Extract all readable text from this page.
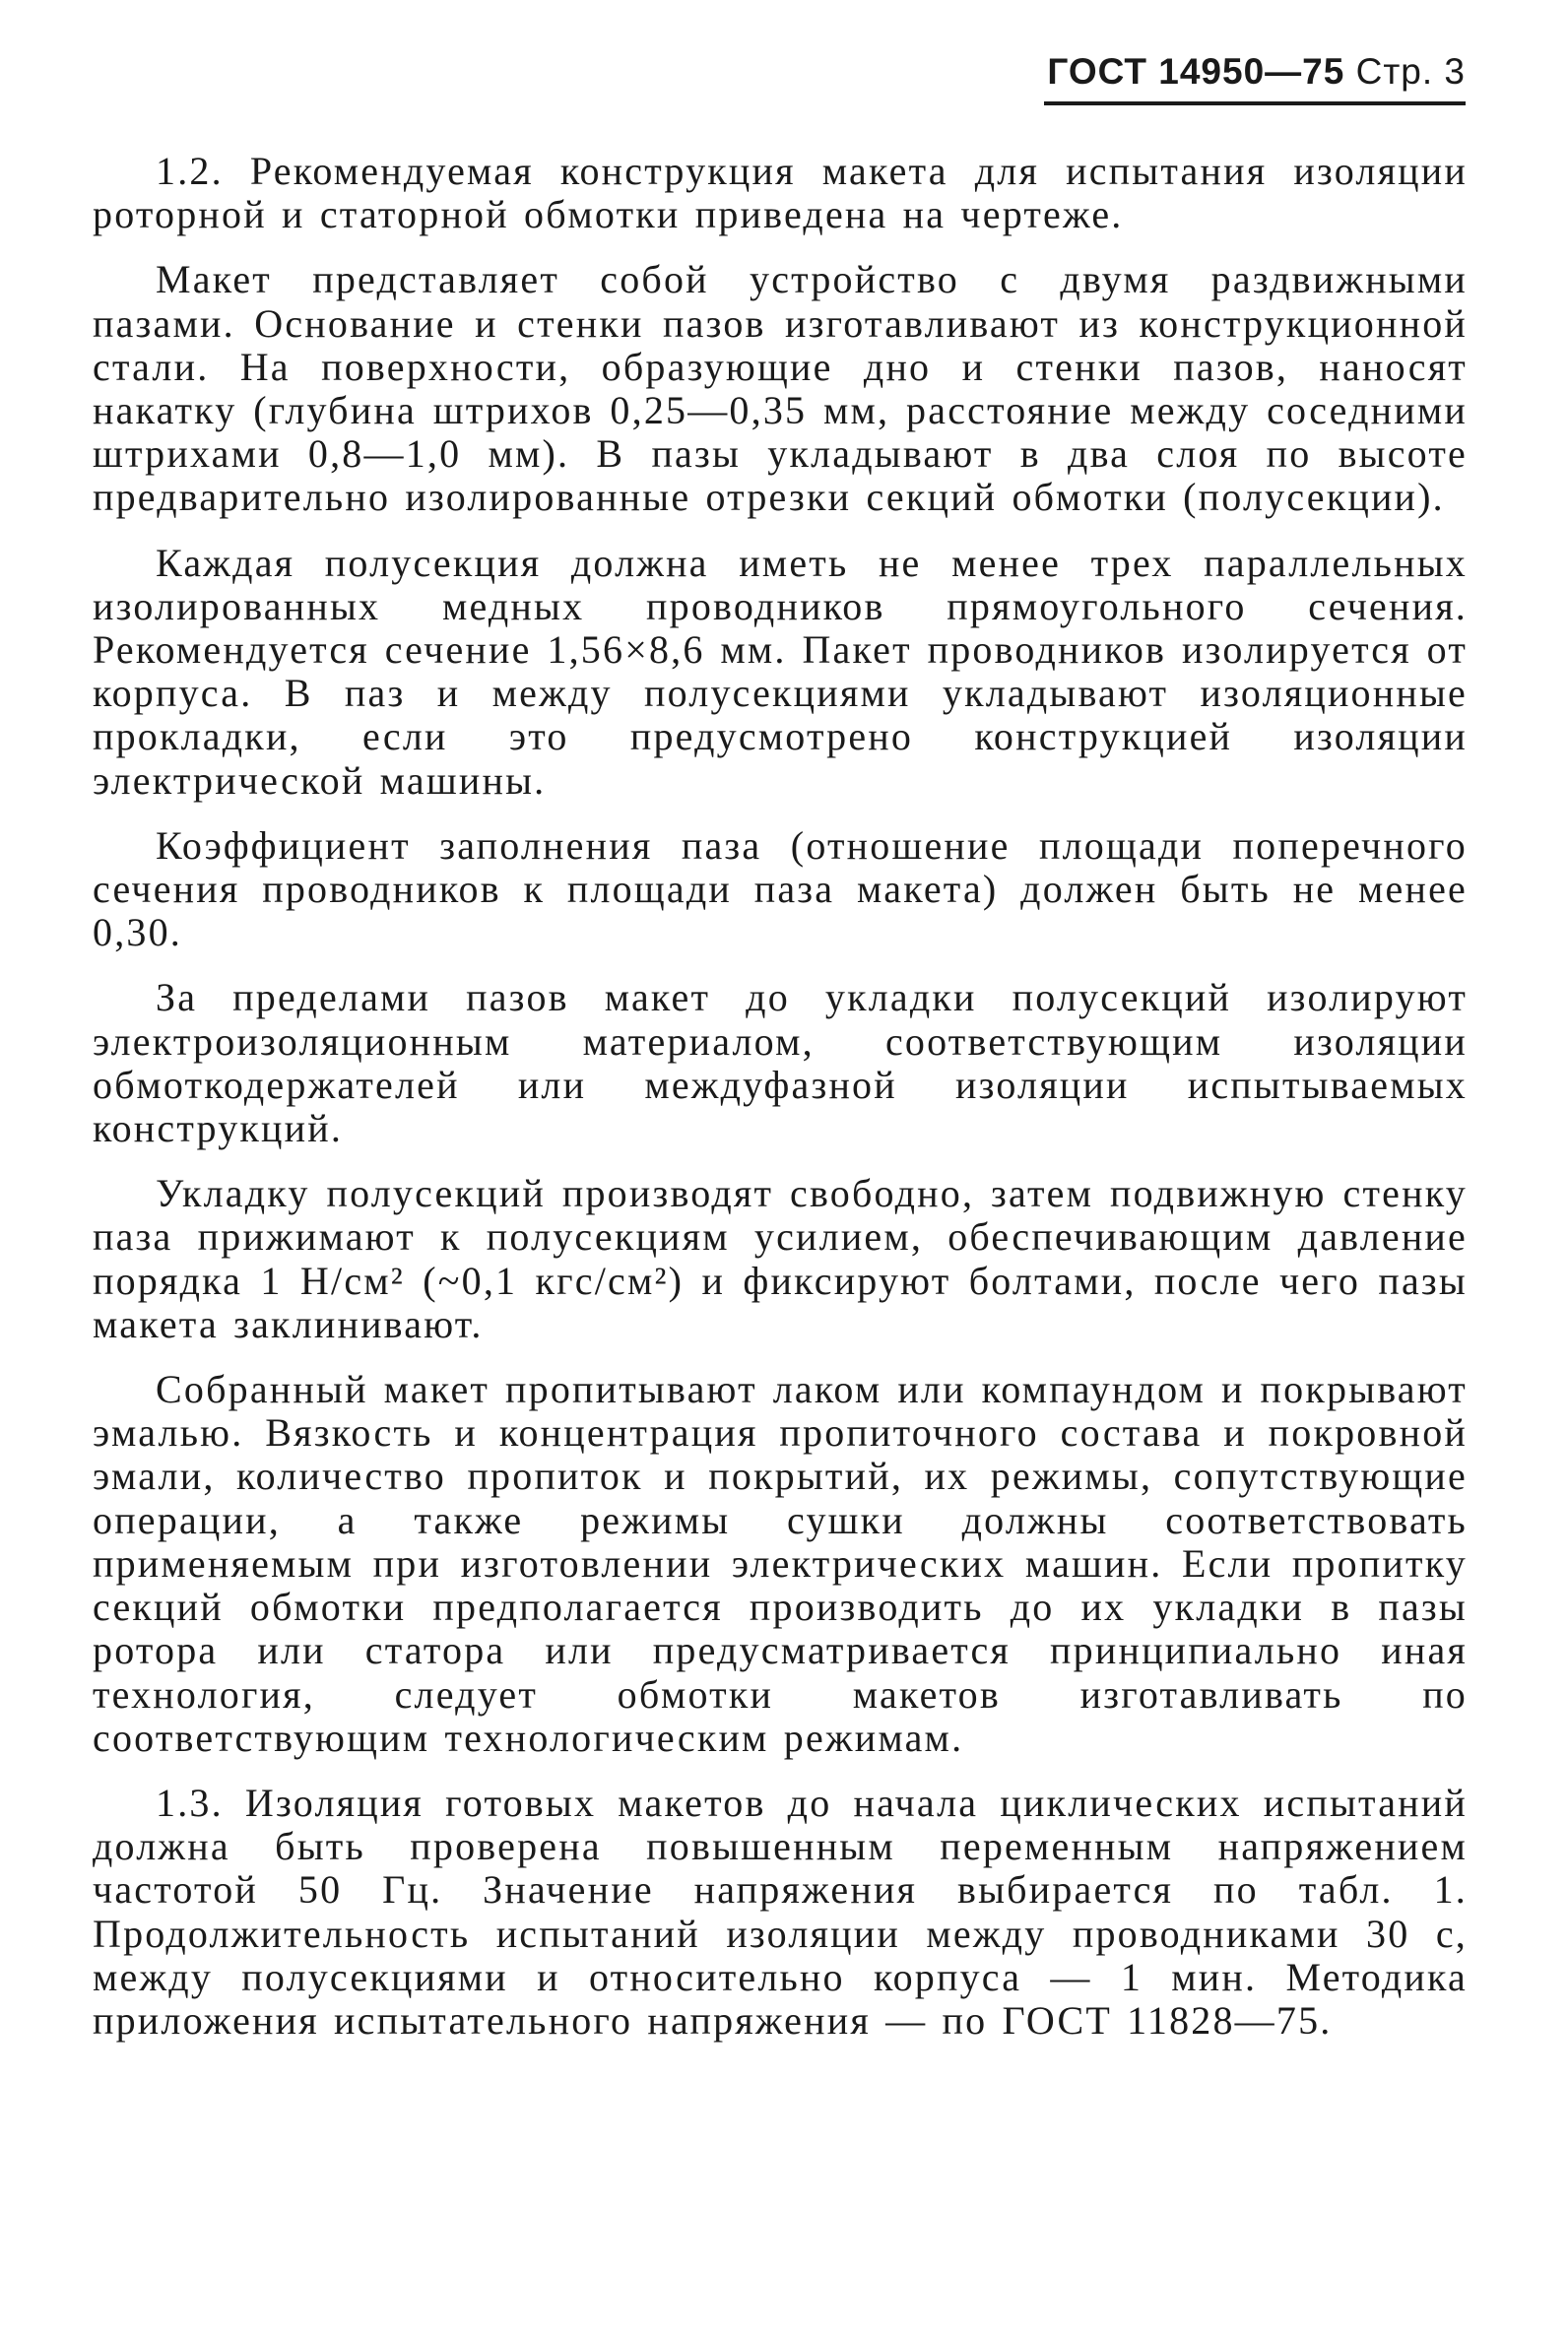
ГОСТ 14950—75 Стр. 3

1.2. Рекомендуемая конструкция макета для испытания изоляции роторной и статорной обмотки приведена на чертеже.

Макет представляет собой устройство с двумя раздвижными пазами. Основание и стенки пазов изготавливают из конструкционной стали. На поверхности, образующие дно и стенки пазов, наносят накатку (глубина штрихов 0,25—0,35 мм, расстояние между соседними штрихами 0,8—1,0 мм). В пазы укладывают в два слоя по высоте предварительно изолированные отрезки секций обмотки (полусекции).

Каждая полусекция должна иметь не менее трех параллельных изолированных медных проводников прямоугольного сечения. Рекомендуется сечение 1,56×8,6 мм. Пакет проводников изолируется от корпуса. В паз и между полусекциями укладывают изоляционные прокладки, если это предусмотрено конструкцией изоляции электрической машины.

Коэффициент заполнения паза (отношение площади поперечного сечения проводников к площади паза макета) должен быть не менее 0,30.

За пределами пазов макет до укладки полусекций изолируют электроизоляционным материалом, соответствующим изоляции обмоткодержателей или междуфазной изоляции испытываемых конструкций.

Укладку полусекций производят свободно, затем подвижную стенку паза прижимают к полусекциям усилием, обеспечивающим давление порядка 1 Н/см² (~0,1 кгс/см²) и фиксируют болтами, после чего пазы макета заклинивают.

Собранный макет пропитывают лаком или компаундом и покрывают эмалью. Вязкость и концентрация пропиточного состава и покровной эмали, количество пропиток и покрытий, их режимы, сопутствующие операции, а также режимы сушки должны соответствовать применяемым при изготовлении электрических машин. Если пропитку секций обмотки предполагается производить до их укладки в пазы ротора или статора или предусматривается принципиально иная технология, следует обмотки макетов изготавливать по соответствующим технологическим режимам.

1.3. Изоляция готовых макетов до начала циклических испытаний должна быть проверена повышенным переменным напряжением частотой 50 Гц. Значение напряжения выбирается по табл. 1. Продолжительность испытаний изоляции между проводниками 30 с, между полусекциями и относительно корпуса — 1 мин. Методика приложения испытательного напряжения — по ГОСТ 11828—75.
